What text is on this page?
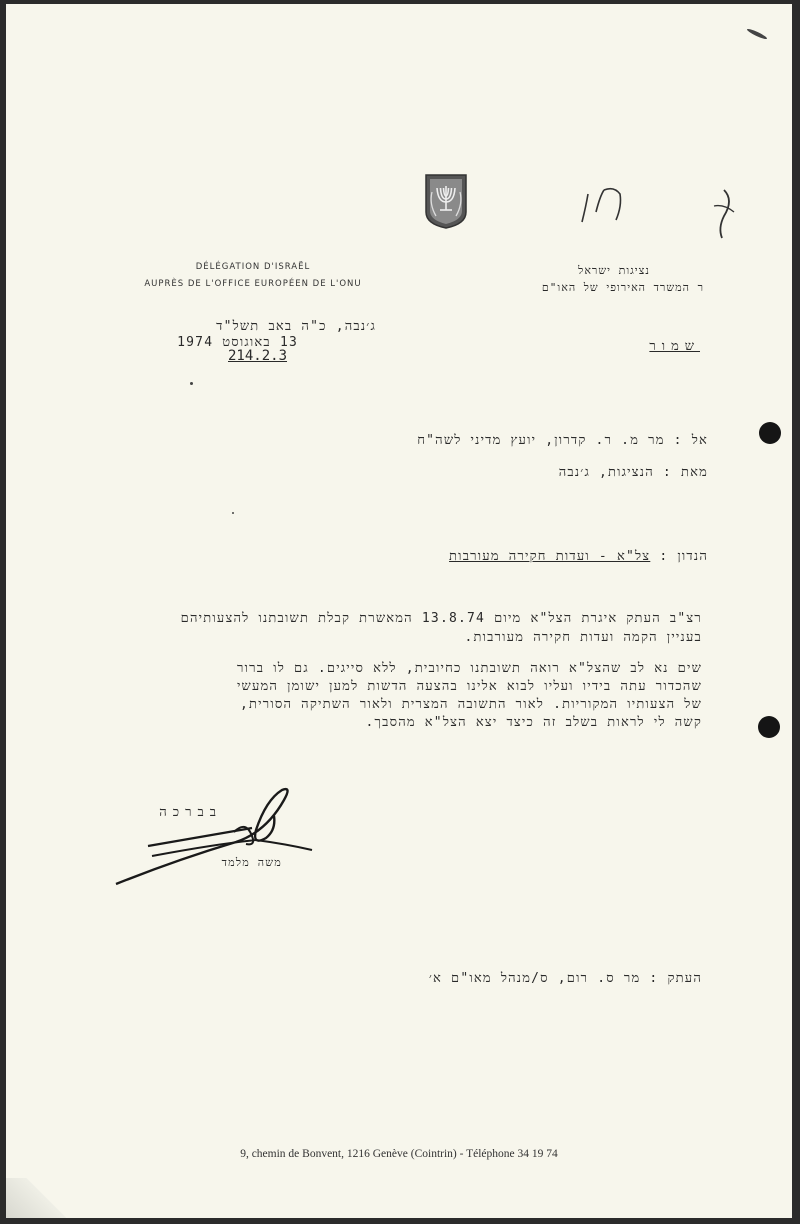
DÉLÉGATION D'ISRAËL
AUPRÈS DE L'OFFICE EUROPÉEN DE L'ONU
נציגות ישראל
ר המשרד האירופי של האו"ם
ג׳נבה, כ"ה באב תשל"ד
13 באוגוסט 1974
214.2.3
שמור
אל : מר מ. ר. קדרון, יועץ מדיני לשה"ח
מאת : הנציגות, ג׳נבה
הנדון : צל"א - ועדות חקירה מעורבות
רצ"ב העתק איגרת הצל"א מיום 13.8.74 המאשרת קבלת תשובתנו להצעותיהם
בעניין הקמה ועדות חקירה מעורבות.
שים נא לב שהצל"א רואה תשובתנו כחיובית, ללא סייגים. גם לו ברור
שהכדור עתה בידיו ועליו לבוא אלינו בהצעה הדשות למען ישומן המעשי
של הצעותיו המקוריות. לאור התשובה המצרית ולאור השתיקה הסורית,
קשה לי לראות בשלב זה כיצד יצא הצל"א מהסבך.
בברכה
משה מלמד
העתק : מר ס. רום, ס/מנהל מאו"ם א׳
9, chemin de Bonvent, 1216 Genève (Cointrin) - Téléphone 34 19 74
